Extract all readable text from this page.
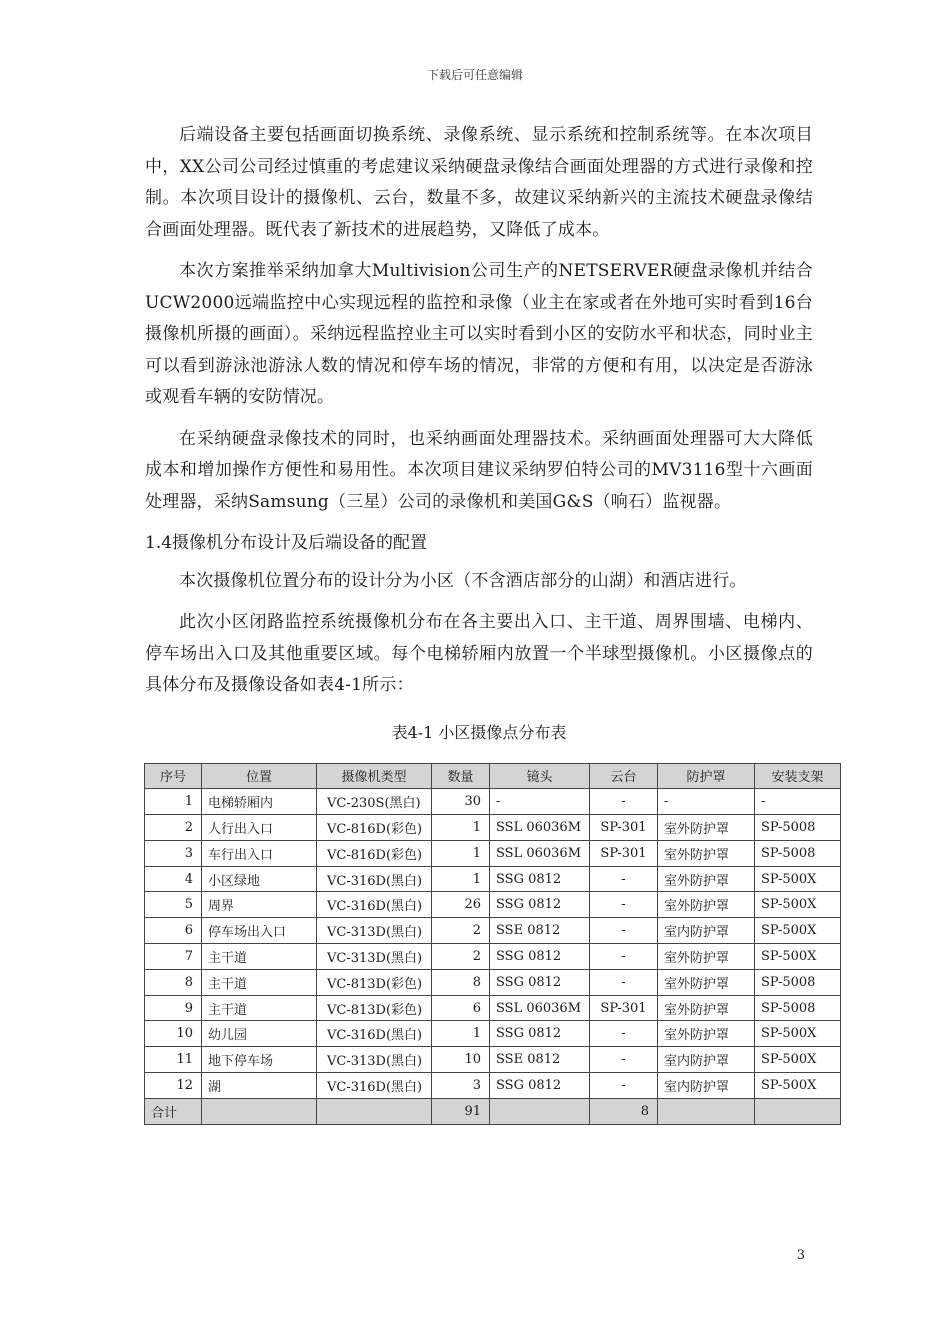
下载后可任意编辑

后端设备主要包括画面切换系统、录像系统、显示系统和控制系统等。在本次项目中，XX公司公司经过慎重的考虑建议采纳硬盘录像结合画面处理器的方式进行录像和控制。本次项目设计的摄像机、云台，数量不多，故建议采纳新兴的主流技术硬盘录像结合画面处理器。既代表了新技术的进展趋势，又降低了成本。

本次方案推举采纳加拿大Multivision公司生产的NETSERVER硬盘录像机并结合UCW2000远端监控中心实现远程的监控和录像（业主在家或者在外地可实时看到16台摄像机所摄的画面）。采纳远程监控业主可以实时看到小区的安防水平和状态，同时业主可以看到游泳池游泳人数的情况和停车场的情况，非常的方便和有用，以决定是否游泳或观看车辆的安防情况。

在采纳硬盘录像技术的同时，也采纳画面处理器技术。采纳画面处理器可大大降低成本和增加操作方便性和易用性。本次项目建议采纳罗伯特公司的MV3116型十六画面处理器，采纳Samsung（三星）公司的录像机和美国G&S（响石）监视器。

1.4摄像机分布设计及后端设备的配置

本次摄像机位置分布的设计分为小区（不含酒店部分的山湖）和酒店进行。

此次小区闭路监控系统摄像机分布在各主要出入口、主干道、周界围墙、电梯内、停车场出入口及其他重要区域。每个电梯轿厢内放置一个半球型摄像机。小区摄像点的具体分布及摄像设备如表4-1所示：

表4-1 小区摄像点分布表
序号	位置	摄像机类型	数量	镜头	云台	防护罩	安装支架
1	电梯轿厢内	VC-230S(黑白)	30	-	-	-	-
2	人行出入口	VC-816D(彩色)	1	SSL 06036M	SP-301	室外防护罩	SP-5008
3	车行出入口	VC-816D(彩色)	1	SSL 06036M	SP-301	室外防护罩	SP-5008
4	小区绿地	VC-316D(黑白)	1	SSG 0812	-	室外防护罩	SP-500X
5	周界	VC-316D(黑白)	26	SSG 0812	-	室外防护罩	SP-500X
6	停车场出入口	VC-313D(黑白)	2	SSE 0812	-	室内防护罩	SP-500X
7	主干道	VC-313D(黑白)	2	SSG 0812	-	室外防护罩	SP-500X
8	主干道	VC-813D(彩色)	8	SSG 0812	-	室外防护罩	SP-5008
9	主干道	VC-813D(彩色)	6	SSL 06036M	SP-301	室外防护罩	SP-5008
10	幼儿园	VC-316D(黑白)	1	SSG 0812	-	室外防护罩	SP-500X
11	地下停车场	VC-313D(黑白)	10	SSE 0812	-	室内防护罩	SP-500X
12	湖	VC-316D(黑白)	3	SSG 0812	-	室内防护罩	SP-500X
合计			91		8		
3
